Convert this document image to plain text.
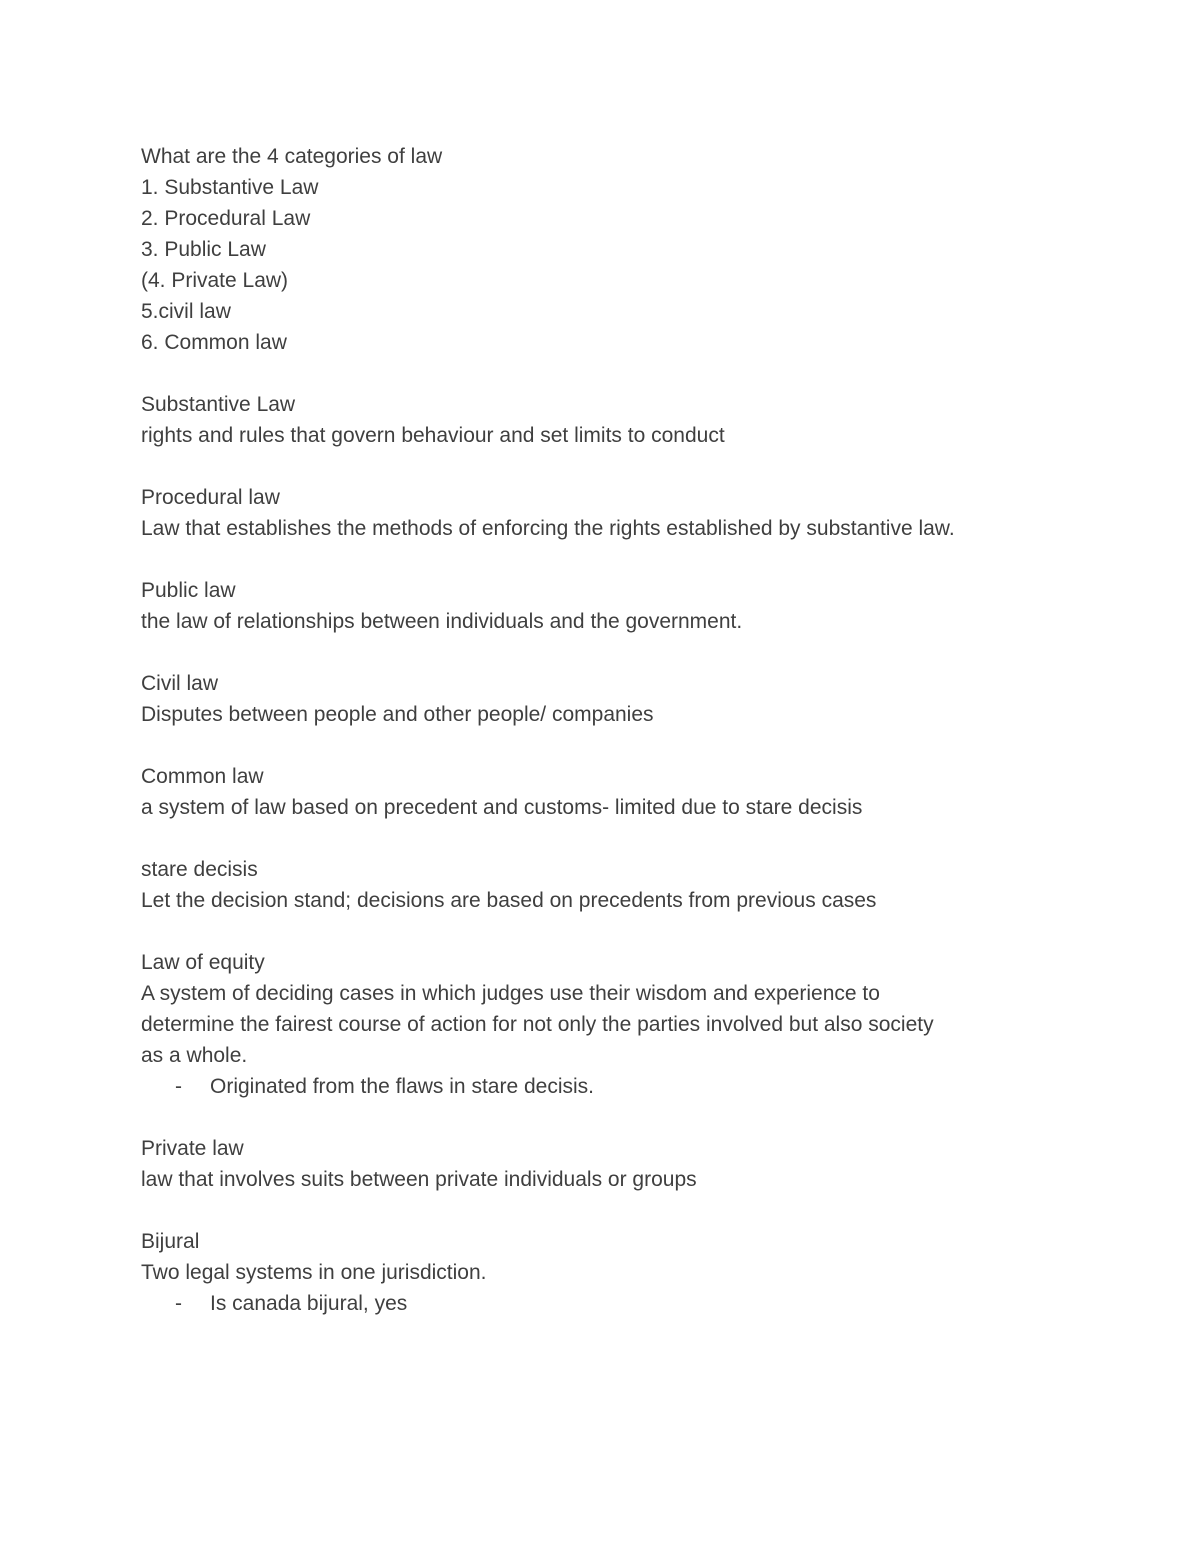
What are the 4 categories of law
1. Substantive Law
2. Procedural Law
3. Public Law
(4. Private Law)
5.civil law
6. Common law
Substantive Law
rights and rules that govern behaviour and set limits to conduct
Procedural law
Law that establishes the methods of enforcing the rights established by substantive law.
Public law
the law of relationships between individuals and the government.
Civil law
Disputes between people and other people/ companies
Common law
a system of law based on precedent and customs- limited due to stare decisis
stare decisis
Let the decision stand; decisions are based on precedents from previous cases
Law of equity
A system of deciding cases in which judges use their wisdom and experience to
determine the fairest course of action for not only the parties involved but also society
as a whole.
-	Originated from the flaws in stare decisis.
Private law
law that involves suits between private individuals or groups
Bijural
Two legal systems in one jurisdiction.
-	Is canada bijural, yes
